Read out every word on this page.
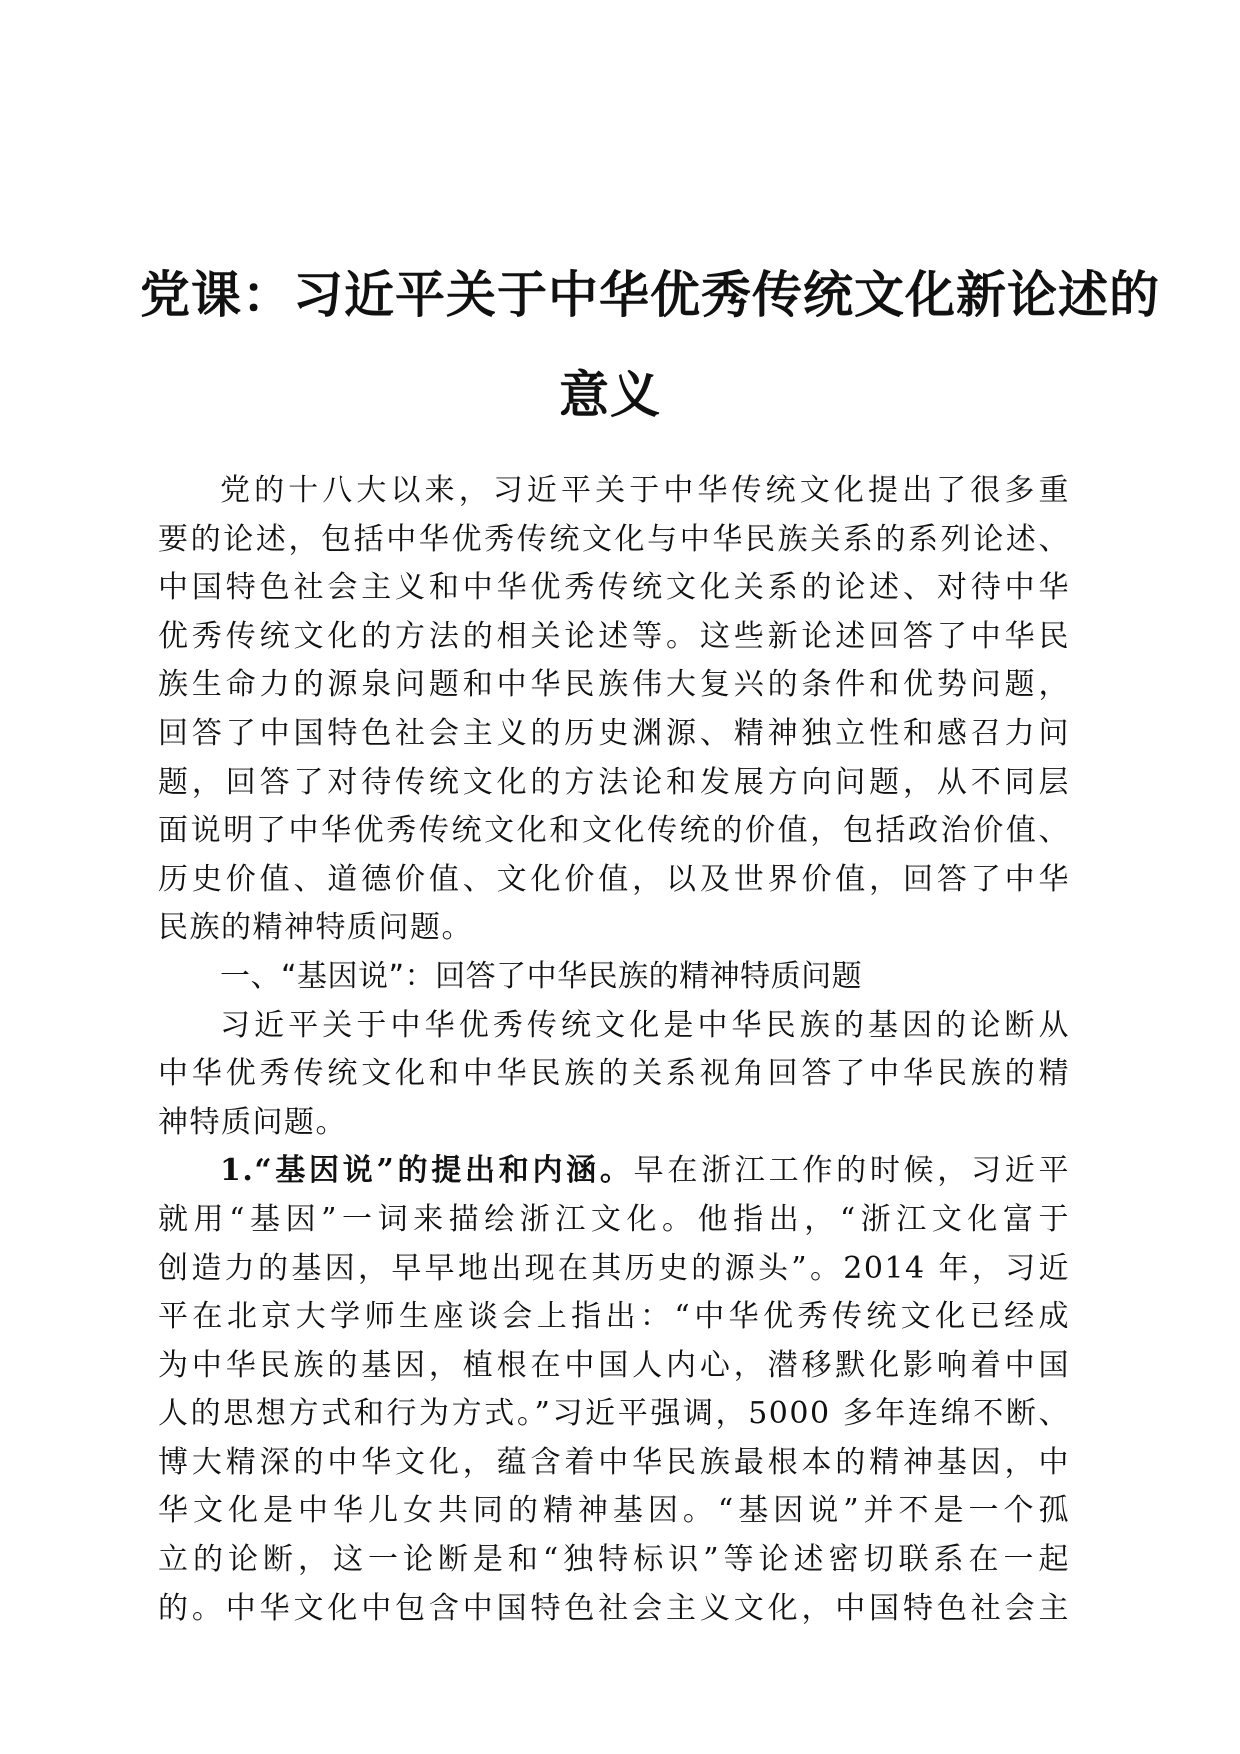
党课：习近平关于中华优秀传统文化新论述的
意义
党的十八大以来，习近平关于中华传统文化提出了很多重
要的论述，包括中华优秀传统文化与中华民族关系的系列论述、
中国特色社会主义和中华优秀传统文化关系的论述、对待中华
优秀传统文化的方法的相关论述等。这些新论述回答了中华民
族生命力的源泉问题和中华民族伟大复兴的条件和优势问题，
回答了中国特色社会主义的历史渊源、精神独立性和感召力问
题，回答了对待传统文化的方法论和发展方向问题，从不同层
面说明了中华优秀传统文化和文化传统的价值，包括政治价值、
历史价值、道德价值、文化价值，以及世界价值，回答了中华
民族的精神特质问题。
一、“基因说”：回答了中华民族的精神特质问题
习近平关于中华优秀传统文化是中华民族的基因的论断从
中华优秀传统文化和中华民族的关系视角回答了中华民族的精
神特质问题。
1.“基因说”的提出和内涵。早在浙江工作的时候，习近平
就用“基因”一词来描绘浙江文化。他指出，“浙江文化富于
创造力的基因，早早地出现在其历史的源头”。2014 年，习近
平在北京大学师生座谈会上指出：“中华优秀传统文化已经成
为中华民族的基因，植根在中国人内心，潜移默化影响着中国
人的思想方式和行为方式。”习近平强调，5000 多年连绵不断、
博大精深的中华文化，蕴含着中华民族最根本的精神基因，中
华文化是中华儿女共同的精神基因。“基因说”并不是一个孤
立的论断，这一论断是和“独特标识”等论述密切联系在一起
的。中华文化中包含中国特色社会主义文化，中国特色社会主
